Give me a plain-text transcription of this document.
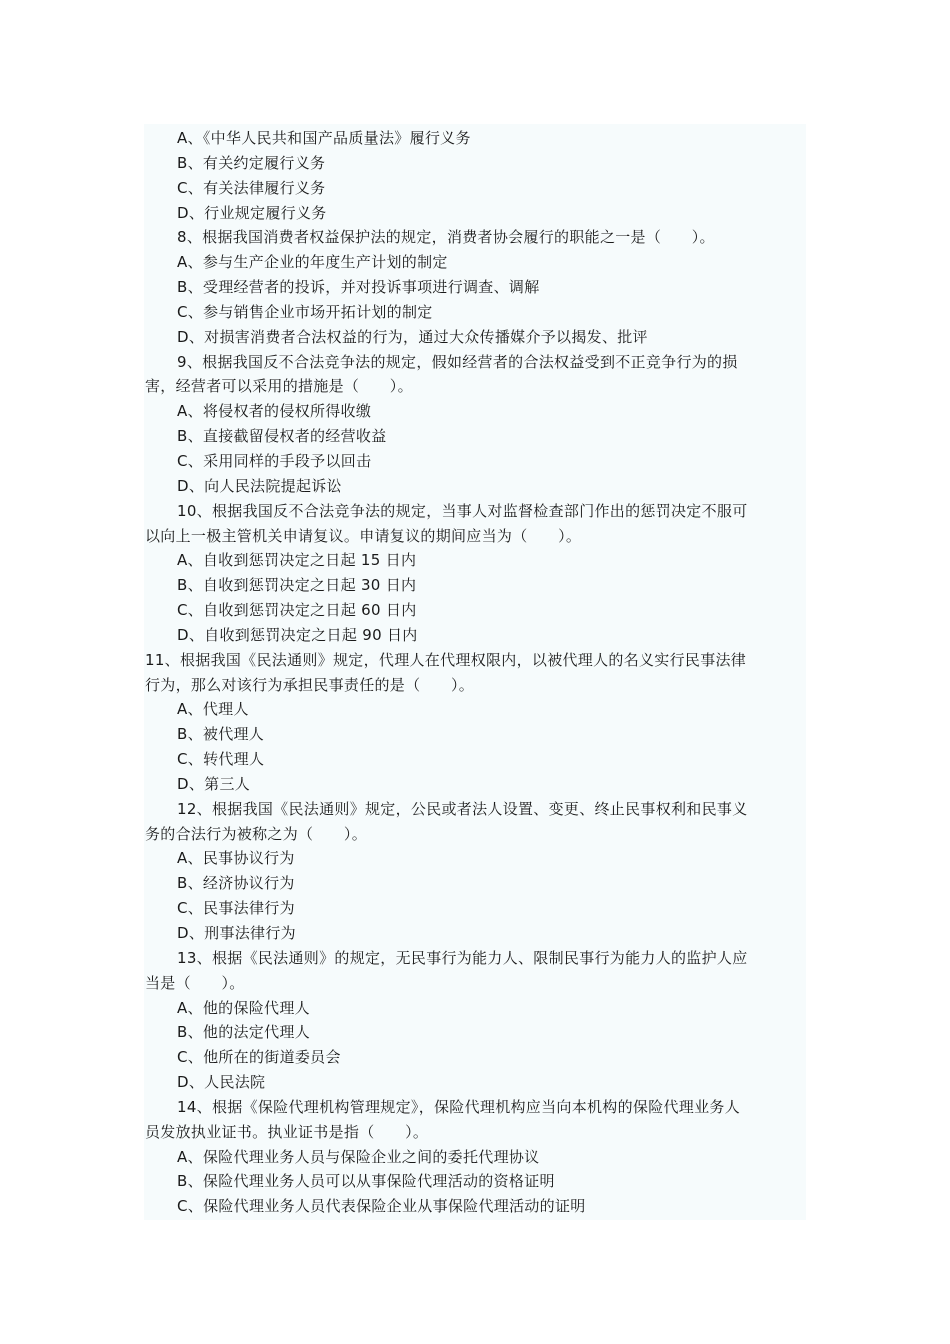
A、《中华人民共和国产品质量法》履行义务
B、有关约定履行义务
C、有关法律履行义务
D、行业规定履行义务
8、根据我国消费者权益保护法的规定，消费者协会履行的职能之一是（　　）。
A、参与生产企业的年度生产计划的制定
B、受理经营者的投诉，并对投诉事项进行调查、调解
C、参与销售企业市场开拓计划的制定
D、对损害消费者合法权益的行为，通过大众传播媒介予以揭发、批评
9、根据我国反不合法竞争法的规定，假如经营者的合法权益受到不正竞争行为的损
害，经营者可以采用的措施是（　　）。
A、将侵权者的侵权所得收缴
B、直接截留侵权者的经营收益
C、采用同样的手段予以回击
D、向人民法院提起诉讼
10、根据我国反不合法竞争法的规定，当事人对监督检查部门作出的惩罚决定不服可
以向上一极主管机关申请复议。申请复议的期间应当为（　　）。
A、自收到惩罚决定之日起 15 日内
B、自收到惩罚决定之日起 30 日内
C、自收到惩罚决定之日起 60 日内
D、自收到惩罚决定之日起 90 日内
11、根据我国《民法通则》规定，代理人在代理权限内，以被代理人的名义实行民事法律
行为，那么对该行为承担民事责任的是（　　）。
A、代理人
B、被代理人
C、转代理人
D、第三人
12、根据我国《民法通则》规定，公民或者法人设置、变更、终止民事权利和民事义
务的合法行为被称之为（　　）。
A、民事协议行为
B、经济协议行为
C、民事法律行为
D、刑事法律行为
13、根据《民法通则》的规定，无民事行为能力人、限制民事行为能力人的监护人应
当是（　　）。
A、他的保险代理人
B、他的法定代理人
C、他所在的街道委员会
D、人民法院
14、根据《保险代理机构管理规定》，保险代理机构应当向本机构的保险代理业务人
员发放执业证书。执业证书是指（　　）。
A、保险代理业务人员与保险企业之间的委托代理协议
B、保险代理业务人员可以从事保险代理活动的资格证明
C、保险代理业务人员代表保险企业从事保险代理活动的证明
